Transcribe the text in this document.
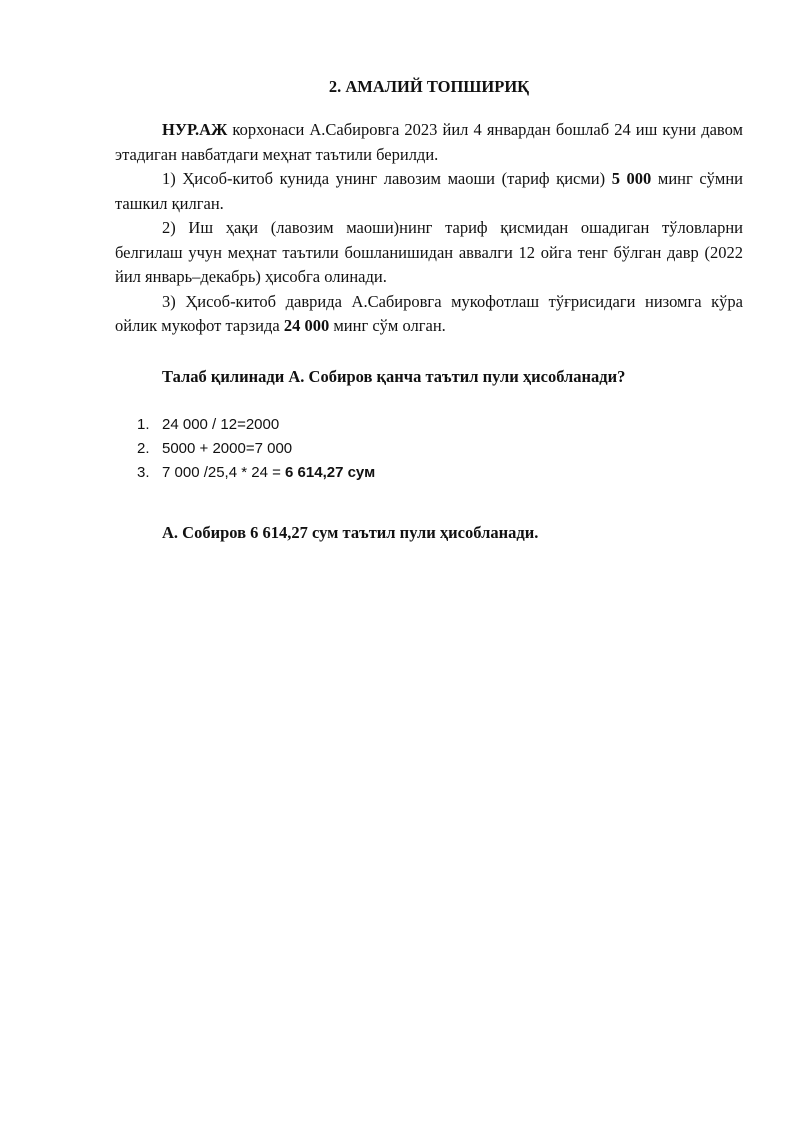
2. АМАЛИЙ ТОПШИРИҚ

НУР.АЖ корхонаси А.Сабировга 2023 йил 4 январдан бошлаб 24 иш куни давом этадиган навбатдаги меҳнат таътили берилди.

1) Ҳисоб-китоб кунида унинг лавозим маоши (тариф қисми) 5 000 минг сўмни ташкил қилган.

2) Иш ҳақи (лавозим маоши)нинг тариф қисмидан ошадиган тўловларни белгилаш учун меҳнат таътили бошланишидан аввалги 12 ойга тенг бўлган давр (2022 йил январь–декабрь) ҳисобга олинади.

3) Ҳисоб-китоб даврида А.Сабировга мукофотлаш тўғрисидаги низомга кўра ойлик мукофот тарзида 24 000 минг сўм олган.

Талаб қилинади А. Собиров қанча таътил пули ҳисобланади?
1. 24 000 / 12=2000
2. 5000 + 2000=7 000
3. 7 000 /25,4 * 24 = 6 614,27 сум
А. Собиров 6 614,27 сум таътил пули ҳисобланади.
